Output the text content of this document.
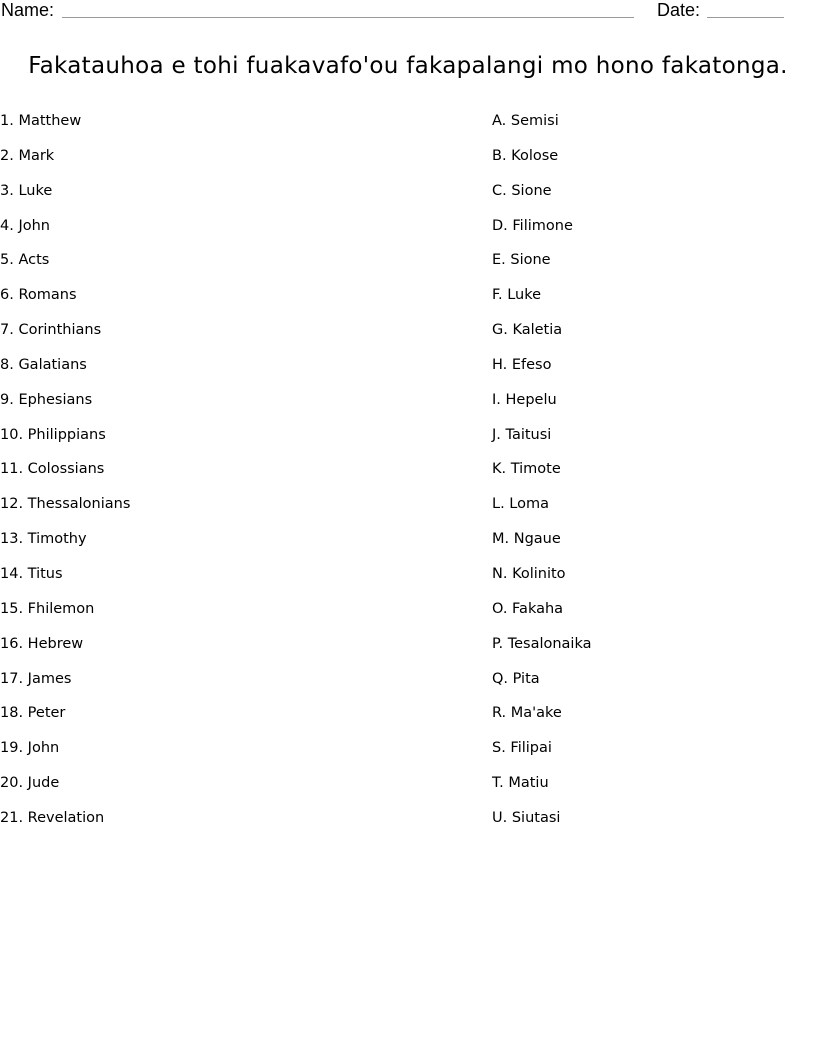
Name:	Date:
Fakatauhoa e tohi fuakavafo'ou fakapalangi mo hono fakatonga.
1. Matthew
2. Mark
3. Luke
4. John
5. Acts
6. Romans
7. Corinthians
8. Galatians
9. Ephesians
10. Philippians
11. Colossians
12. Thessalonians
13. Timothy
14. Titus
15. Fhilemon
16. Hebrew
17. James
18. Peter
19. John
20. Jude
21. Revelation
A. Semisi
B. Kolose
C. Sione
D. Filimone
E. Sione
F. Luke
G. Kaletia
H. Efeso
I. Hepelu
J. Taitusi
K. Timote
L. Loma
M. Ngaue
N. Kolinito
O. Fakaha
P. Tesalonaika
Q. Pita
R. Ma'ake
S. Filipai
T. Matiu
U. Siutasi
